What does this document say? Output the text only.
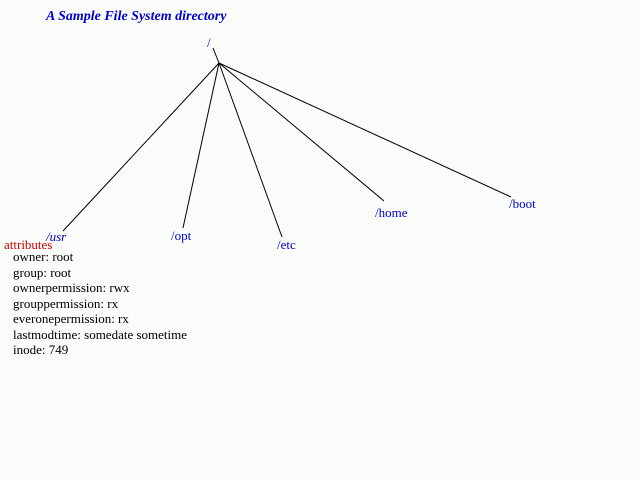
A Sample File System directory
/
/usr	/opt
/etc
/home
/boot
attributes
owner: root
group: root
ownerpermission: rwx
grouppermission: rx
everonepermission: rx
lastmodtime: somedate sometime
inode: 749
